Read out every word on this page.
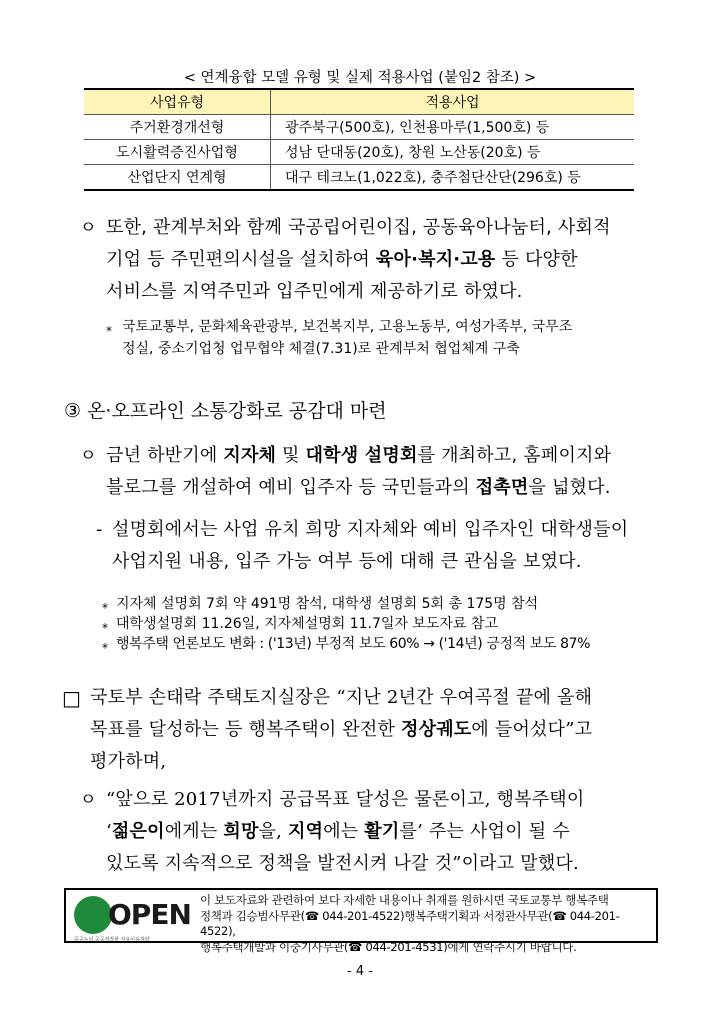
< 연계융합 모델 유형 및 실제 적용사업 (붙임2 참조) >
사업유형	적용사업
주거환경개선형	광주북구(500호), 인천용마루(1,500호) 등
도시활력증진사업형	성남 단대동(20호), 창원 노산동(20호) 등
산업단지 연계형	대구 테크노(1,022호), 충주첨단산단(296호) 등
ㅇ 또한, 관계부처와 함께 국공립어린이집, 공동육아나눔터, 사회적
기업 등 주민편의시설을 설치하여 육아·복지·고용 등 다양한
서비스를 지역주민과 입주민에게 제공하기로 하였다.
* 국토교통부, 문화체육관광부, 보건복지부, 고용노동부, 여성가족부, 국무조
정실, 중소기업청 업무협약 체결(7.31)로 관계부처 협업체계 구축
③ 온·오프라인 소통강화로 공감대 마련
ㅇ 금년 하반기에 지자체 및 대학생 설명회를 개최하고, 홈페이지와
블로그를 개설하여 예비 입주자 등 국민들과의 접촉면을 넓혔다.
- 설명회에서는 사업 유치 희망 지자체와 예비 입주자인 대학생들이
사업지원 내용, 입주 가능 여부 등에 대해 큰 관심을 보였다.
* 지자체 설명회 7회 약 491명 참석, 대학생 설명회 5회 총 175명 참석
* 대학생설명회 11.26일, 지자체설명회 11.7일자 보도자료 참고
* 행복주택 언론보도 변화 : ('13년) 부정적 보도 60% → ('14년) 긍정적 보도 87%
□ 국토부 손태락 주택토지실장은 “지난 2년간 우여곡절 끝에 올해
목표를 달성하는 등 행복주택이 완전한 정상궤도에 들어섰다”고
평가하며,
ㅇ “앞으로 2017년까지 공급목표 달성은 물론이고, 행복주택이
‘젊은이에게는 희망을, 지역에는 활기를’ 주는 사업이 될 수
있도록 지속적으로 정책을 발전시켜 나갈 것”이라고 말했다.
OPEN
공공누리 공공저작물 자유이용허락
이 보도자료와 관련하여 보다 자세한 내용이나 취재를 원하시면 국토교통부 행복주택
정책과 김승범사무관(☎ 044-201-4522)행복주택기획과 서정관사무관(☎ 044-201-4522),
행복주택개발과 이중기사무관(☎ 044-201-4531)에게 연락주시기 바랍니다.
- 4 -
